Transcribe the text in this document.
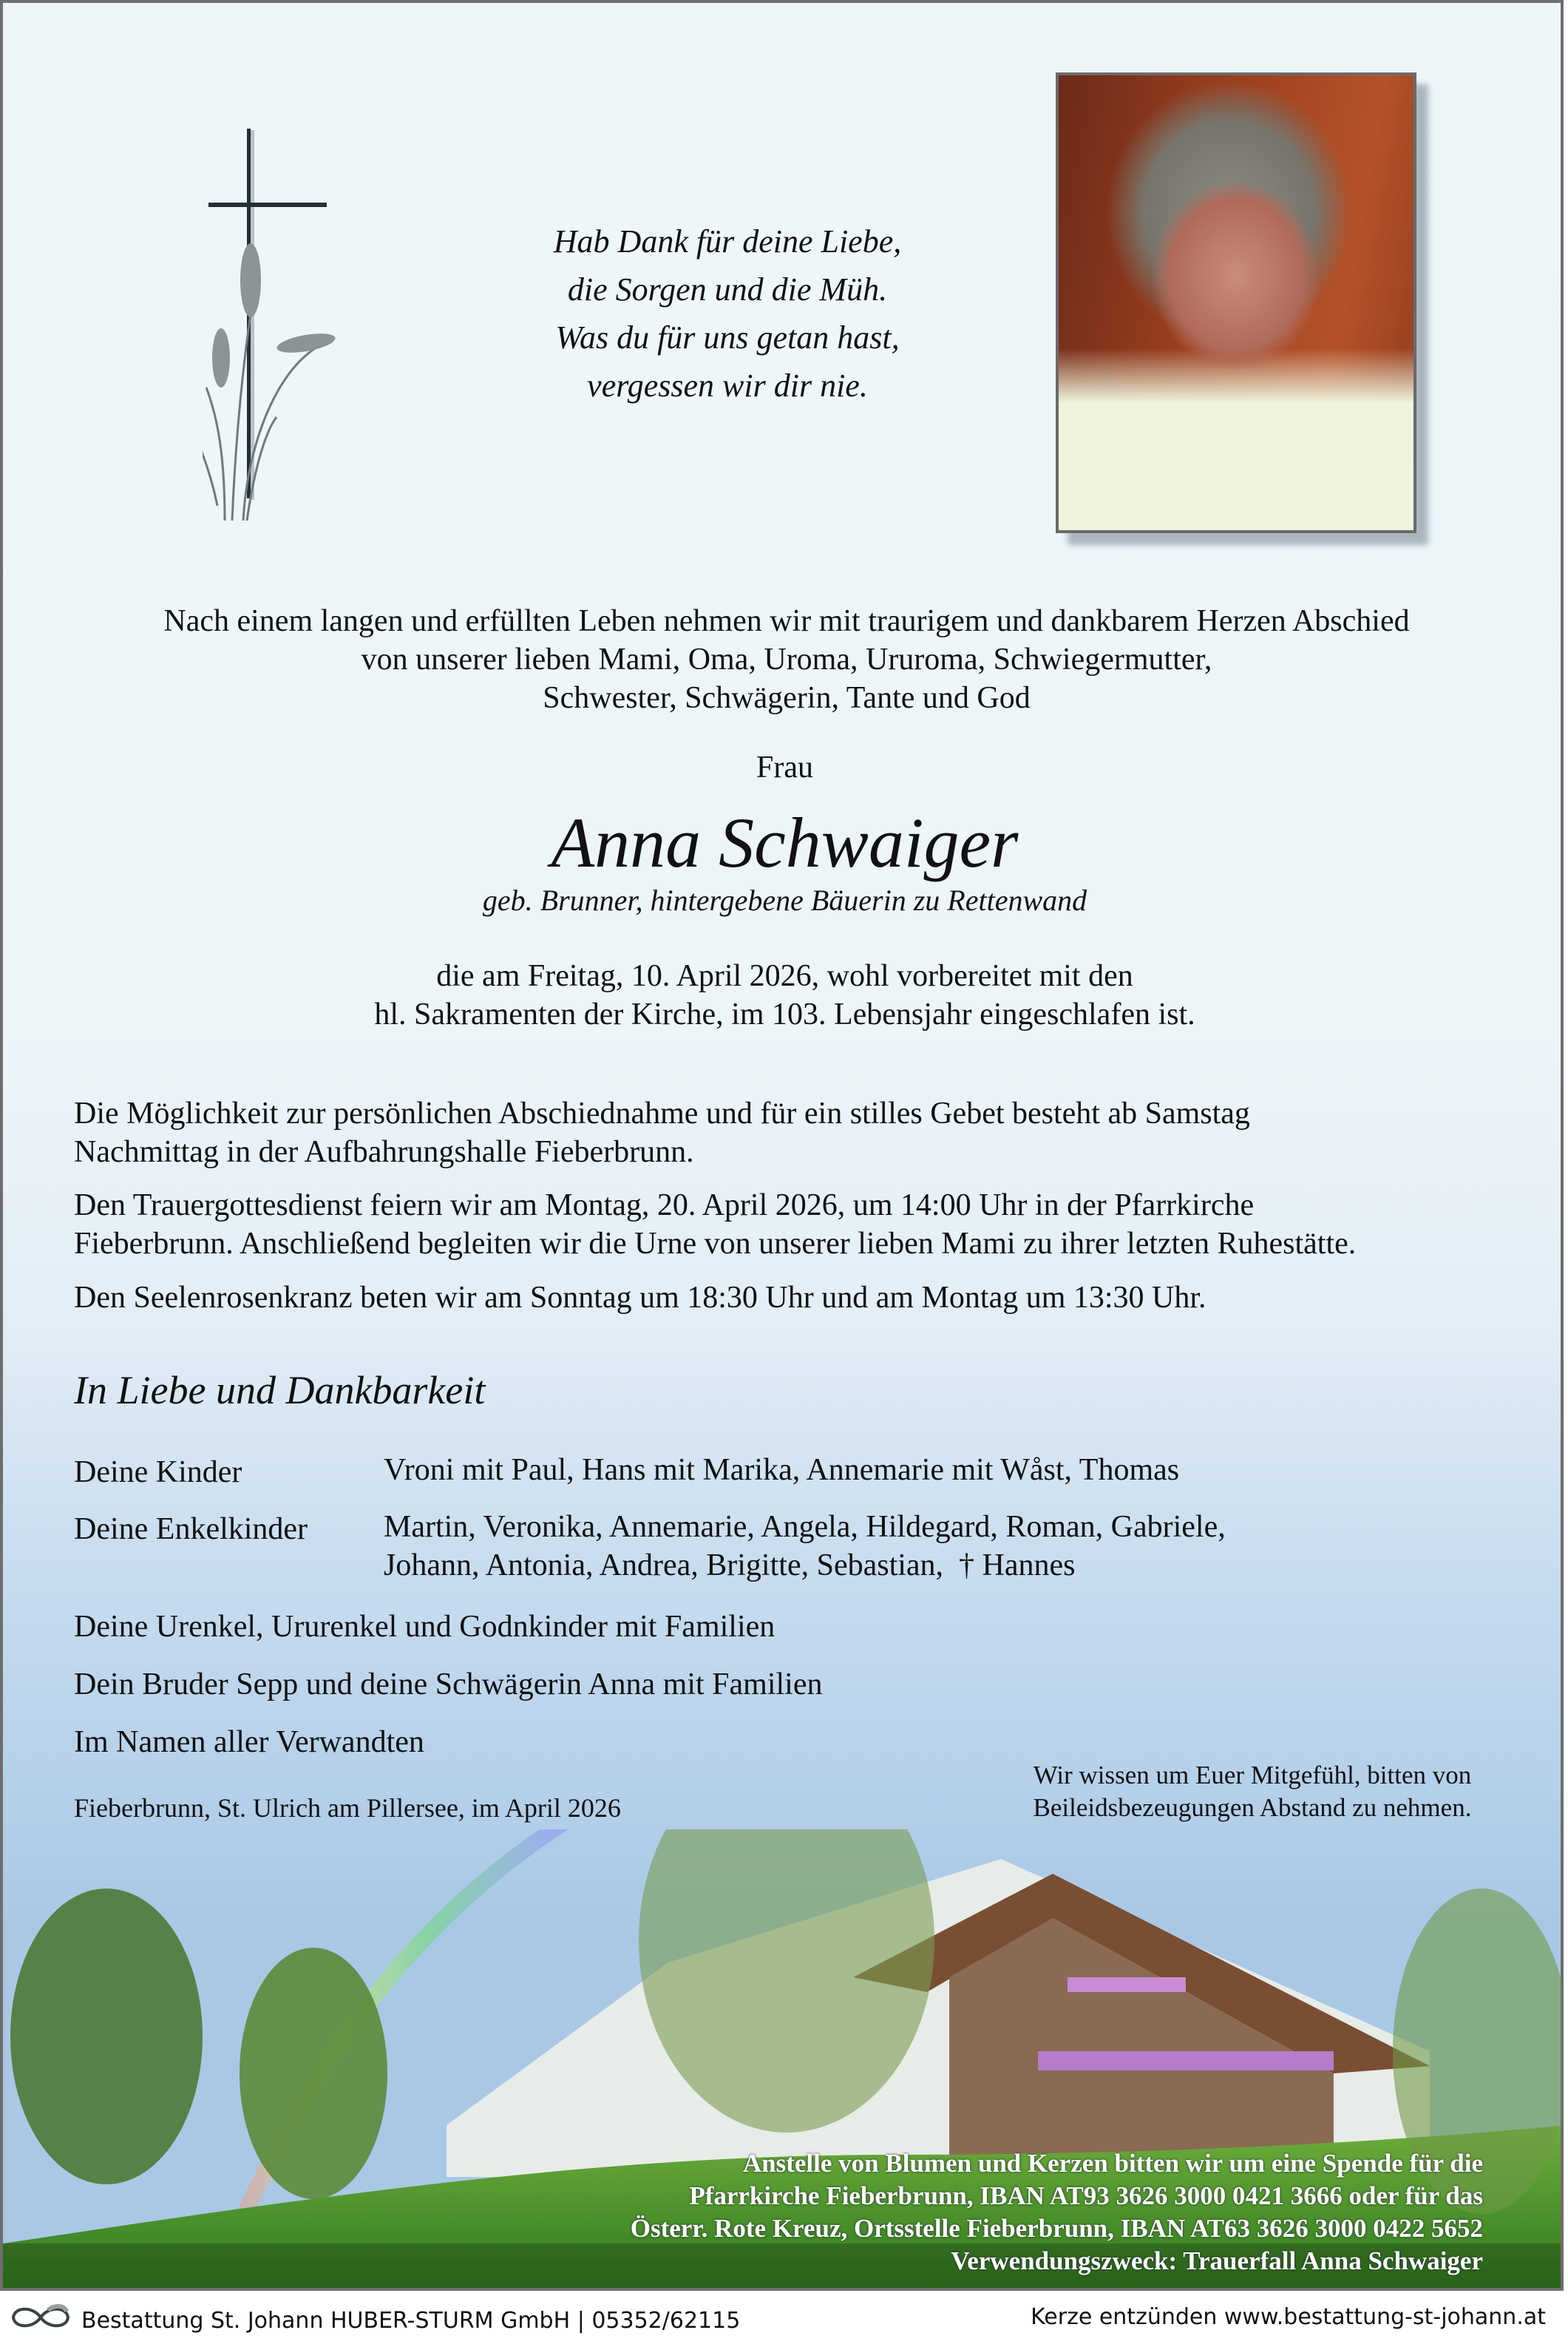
Hab Dank für deine Liebe,
die Sorgen und die Müh.
Was du für uns getan hast,
vergessen wir dir nie.
Nach einem langen und erfüllten Leben nehmen wir mit traurigem und dankbarem Herzen Abschied
von unserer lieben Mami, Oma, Uroma, Ururoma, Schwiegermutter,
Schwester, Schwägerin, Tante und God
Frau
Anna Schwaiger
geb. Brunner, hintergebene Bäuerin zu Rettenwand
die am Freitag, 10. April 2026, wohl vorbereitet mit den
hl. Sakramenten der Kirche, im 103. Lebensjahr eingeschlafen ist.
Die Möglichkeit zur persönlichen Abschiednahme und für ein stilles Gebet besteht ab Samstag
Nachmittag in der Aufbahrungshalle Fieberbrunn.
Den Trauergottesdienst feiern wir am Montag, 20. April 2026, um 14:00 Uhr in der Pfarrkirche
Fieberbrunn. Anschließend begleiten wir die Urne von unserer lieben Mami zu ihrer letzten Ruhestätte.
Den Seelenrosenkranz beten wir am Sonntag um 18:30 Uhr und am Montag um 13:30 Uhr.
In Liebe und Dankbarkeit
Deine Kinder	Vroni mit Paul, Hans mit Marika, Annemarie mit Wåst, Thomas
Deine Enkelkinder Martin, Veronika, Annemarie, Angela, Hildegard, Roman, Gabriele,
Johann, Antonia, Andrea, Brigitte, Sebastian, † Hannes
Deine Urenkel, Ururenkel und Godnkinder mit Familien
Dein Bruder Sepp und deine Schwägerin Anna mit Familien
Im Namen aller Verwandten
Fieberbrunn, St. Ulrich am Pillersee, im April 2026
Wir wissen um Euer Mitgefühl, bitten von
Beileidsbezeugungen Abstand zu nehmen.
Anstelle von Blumen und Kerzen bitten wir um eine Spende für die
Pfarrkirche Fieberbrunn, IBAN AT93 3626 3000 0421 3666 oder für das
Österr. Rote Kreuz, Ortsstelle Fieberbrunn, IBAN AT63 3626 3000 0422 5652
Verwendungszweck: Trauerfall Anna Schwaiger
Bestattung St. Johann HUBER-STURM GmbH | 05352/62115	Kerze entzünden www.bestattung-st-johann.at
